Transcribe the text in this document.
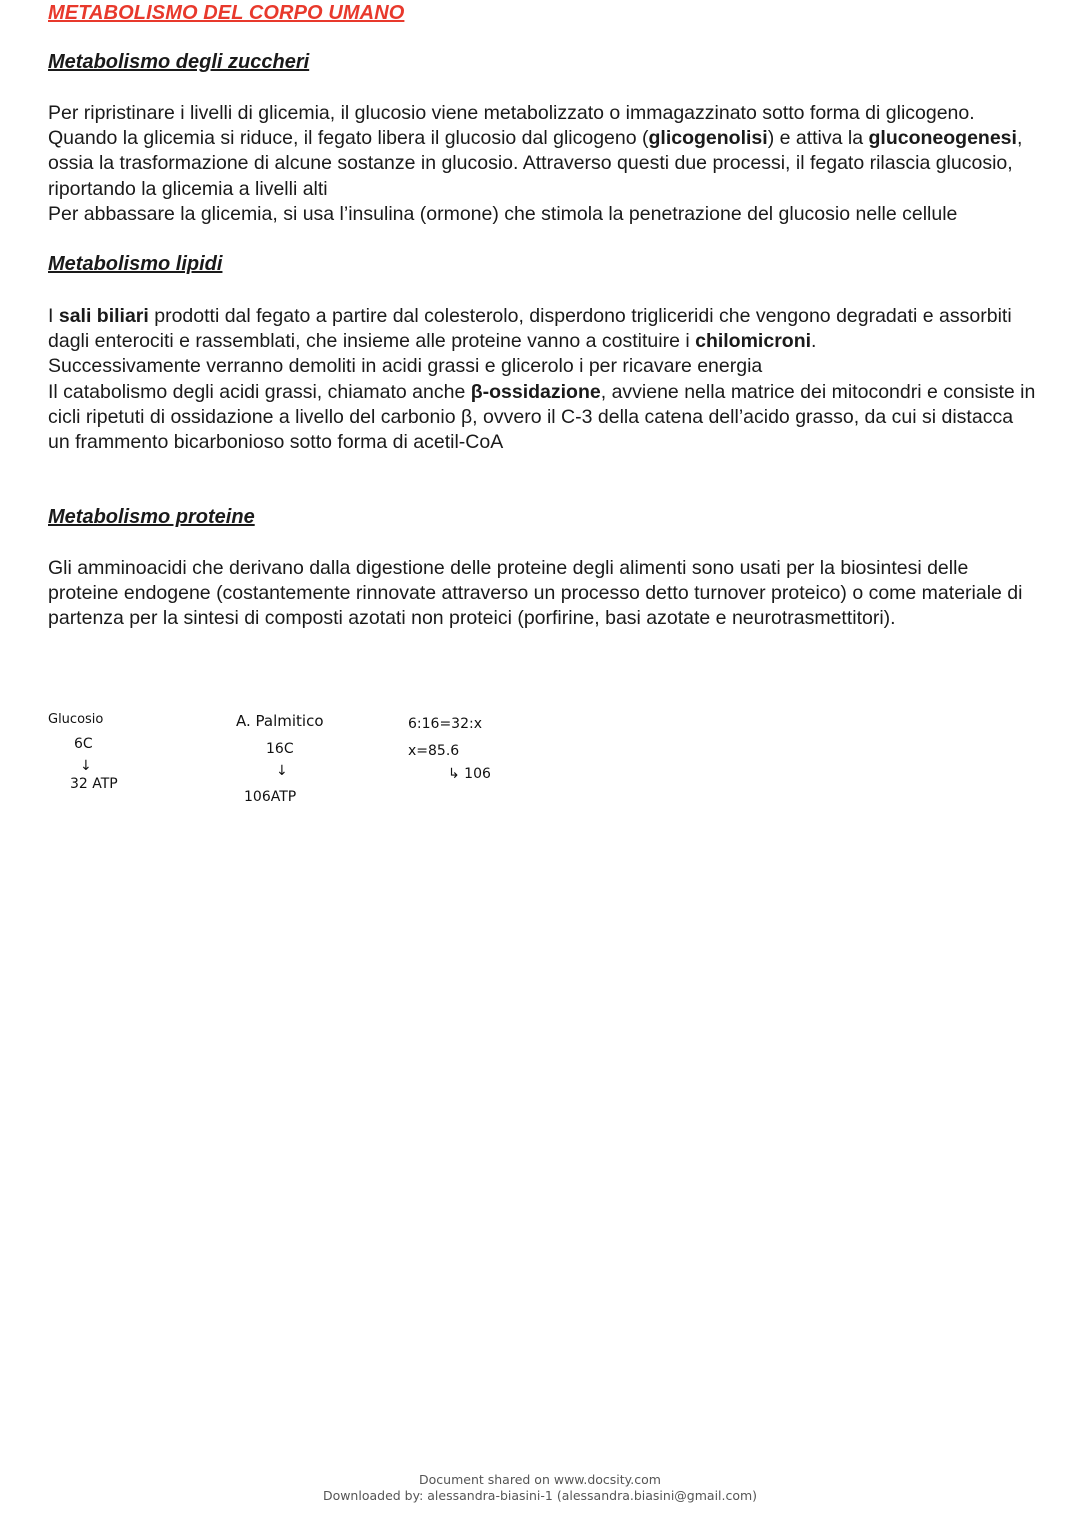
METABOLISMO DEL CORPO UMANO
Metabolismo degli zuccheri

Per ripristinare i livelli di glicemia, il glucosio viene metabolizzato o immagazzinato sotto forma di glicogeno. Quando la glicemia si riduce, il fegato libera il glucosio dal glicogeno (glicogenolisi) e attiva la gluconeogenesi, ossia la trasformazione di alcune sostanze in glucosio. Attraverso questi due processi, il fegato rilascia glucosio, riportando la glicemia a livelli alti

Per abbassare la glicemia, si usa l’insulina (ormone) che stimola la penetrazione del glucosio nelle cellule

Metabolismo lipidi

I sali biliari prodotti dal fegato a partire dal colesterolo, disperdono trigliceridi che vengono degradati e assorbiti dagli enterociti e rassemblati, che insieme alle proteine vanno a costituire i chilomicroni.

Successivamente verranno demoliti in acidi grassi e glicerolo i per ricavare energia

Il catabolismo degli acidi grassi, chiamato anche β-ossidazione, avviene nella matrice dei mitocondri e consiste in cicli ripetuti di ossidazione a livello del carbonio β, ovvero il C-3 della catena dell’acido grasso, da cui si distacca un frammento bicarbonioso sotto forma di acetil-CoA

Metabolismo proteine

Gli amminoacidi che derivano dalla digestione delle proteine degli alimenti sono usati per la biosintesi delle proteine endogene (costantemente rinnovate attraverso un processo detto turnover proteico) o come materiale di partenza per la sintesi di composti azotati non proteici (porfirine, basi azotate e neurotrasmettitori).

Glucosio
6C
↓
32 ATP
A. Palmitico
16C
↓
106ATP
6:16=32:x
x=85.6
↳ 106
Document shared on www.docsity.com
Downloaded by: alessandra-biasini-1 (alessandra.biasini@gmail.com)
